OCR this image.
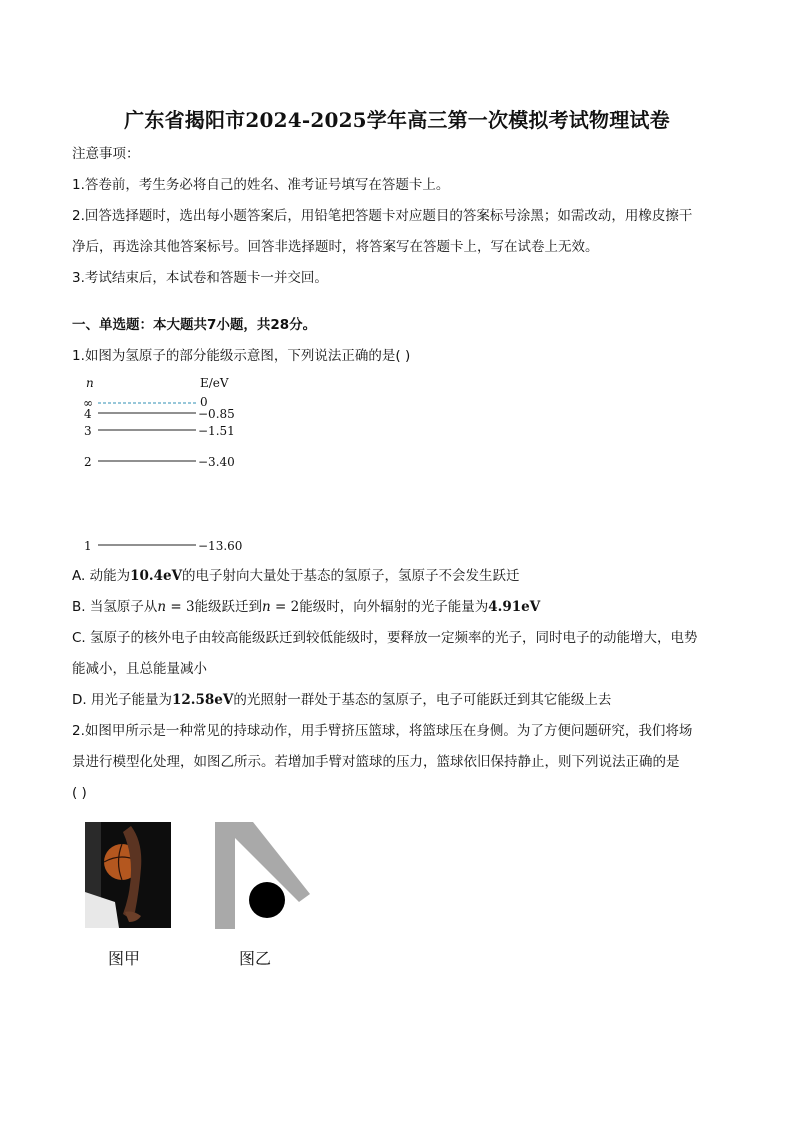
广东省揭阳市2024-2025学年高三第一次模拟考试物理试卷
注意事项：
1.答卷前，考生务必将自己的姓名、准考证号填写在答题卡上。
2.回答选择题时，选出每小题答案后，用铅笔把答题卡对应题目的答案标号涂黑；如需改动，用橡皮擦干
净后，再选涂其他答案标号。回答非选择题时，将答案写在答题卡上，写在试卷上无效。
3.考试结束后，本试卷和答题卡一并交回。
一、单选题：本大题共7小题，共28分。
1.如图为氢原子的部分能级示意图，下列说法正确的是( )
n	E/eV
∞	0
4	−0.85
3	−1.51
2	−3.40
1	−13.60
A. 动能为10.4eV的电子射向大量处于基态的氢原子，氢原子不会发生跃迁
B. 当氢原子从n = 3能级跃迁到n = 2能级时，向外辐射的光子能量为4.91eV
C. 氢原子的核外电子由较高能级跃迁到较低能级时，要释放一定频率的光子，同时电子的动能增大，电势
能减小，且总能量减小
D. 用光子能量为12.58eV的光照射一群处于基态的氢原子，电子可能跃迁到其它能级上去
2.如图甲所示是一种常见的持球动作，用手臂挤压篮球，将篮球压在身侧。为了方便问题研究，我们将场
景进行模型化处理，如图乙所示。若增加手臂对篮球的压力，篮球依旧保持静止，则下列说法正确的是
( )
图甲	图乙
